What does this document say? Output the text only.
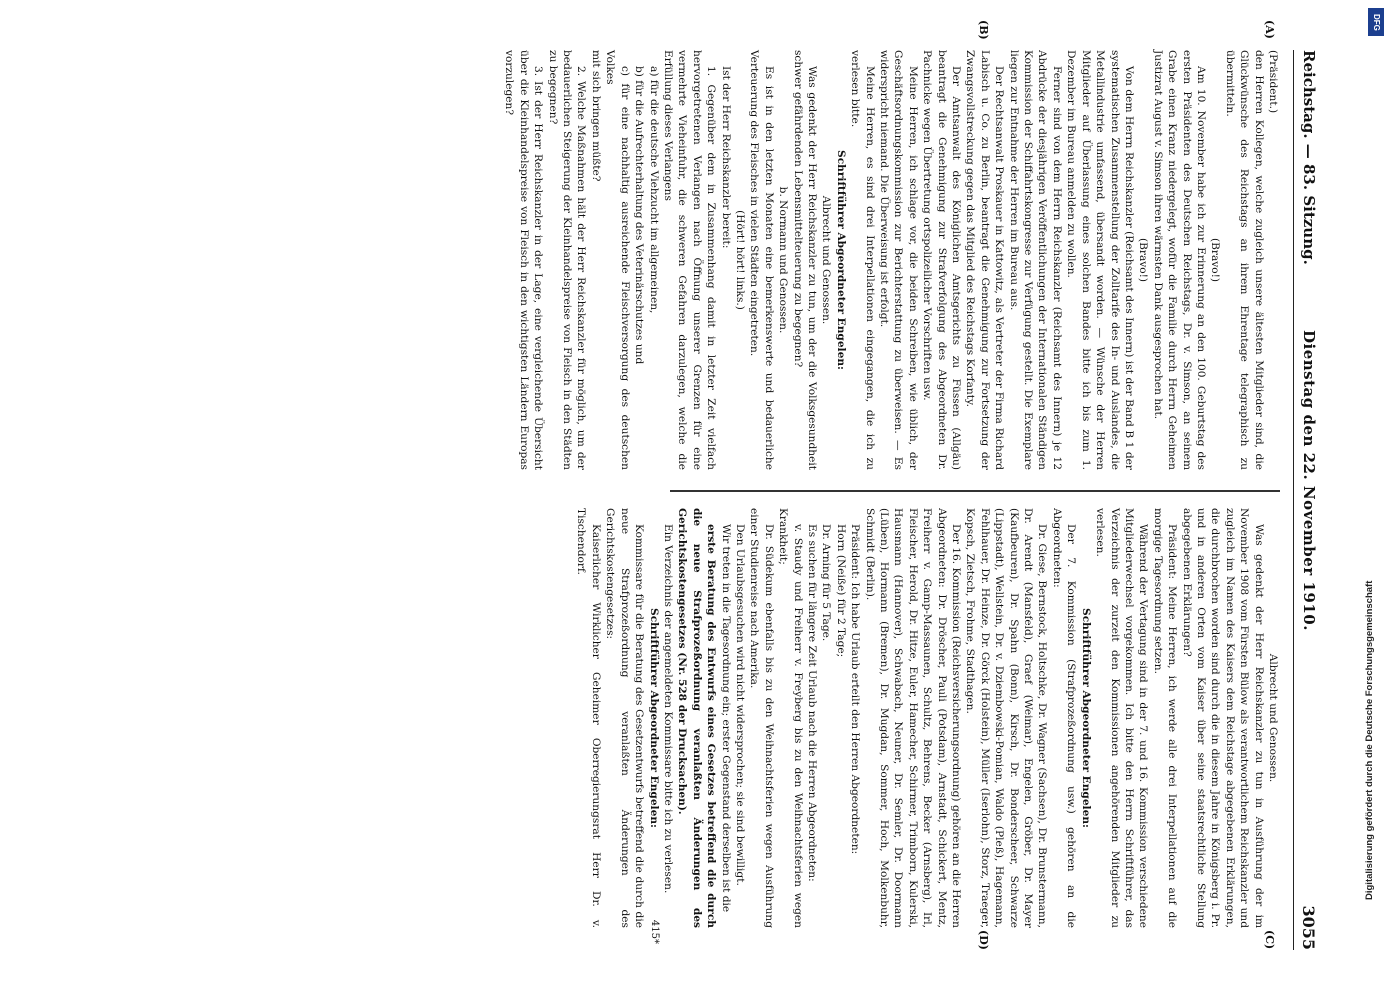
Reichstag. — 83. Sitzung.
Dienstag den 22. November 1910.
3055

(Präsident.)

den Herren Kollegen, welche zugleich unsere ältesten Mitglieder sind, die Glückwünsche des Reichstags an ihrem Ehrentage telegraphisch zu übermitteln.

(Bravo!)

Am 10. November habe ich zur Erinnerung an den 100. Geburtstag des ersten Präsidenten des Deutschen Reichstags, Dr. v. Simson, an seinem Grabe einen Kranz niedergelegt, wofür die Familie durch Herrn Geheimen Justizrat August v. Simson ihren wärmsten Dank ausgesprochen hat.

(Bravo!)

Von dem Herrn Reichskanzler (Reichsamt des Innern) ist der Band B 1 der systematischen Zusammenstellung der Zolltarife des In- und Auslandes, die Metallindustrie umfassend, übersandt worden. — Wünsche der Herren Mitglieder auf Überlassung eines solchen Bandes bitte ich bis zum 1. Dezember im Bureau anmelden zu wollen.

Ferner sind von dem Herrn Reichskanzler (Reichsamt des Innern) je 12 Abdrücke der diesjährigen Veröffentlichungen der Internationalen Ständigen Kommission der Schiffahrtskongresse zur Verfügung gestellt. Die Exemplare liegen zur Entnahme der Herren im Bureau aus.

Der Rechtsanwalt Proskauer in Kattowitz, als Vertreter der Firma Richard Labisch u. Co. zu Berlin, beantragt die Genehmigung zur Fortsetzung der Zwangsvollstreckung gegen das Mitglied des Reichstags Korfanty.

Der Amtsanwalt des Königlichen Amtsgerichts zu Füssen (Allgäu) beantragt die Genehmigung zur Strafverfolgung des Abgeordneten Dr. Pachnicke wegen Übertretung ortspolizeilicher Vorschriften usw.

Meine Herren, ich schlage vor, die beiden Schreiben, wie üblich, der Geschäftsordnungskommission zur Berichterstattung zu überweisen. — Es widerspricht niemand. Die Überweisung ist erfolgt.

Meine Herren, es sind drei Interpellationen eingegangen, die ich zu verlesen bitte.

Schriftführer Abgeordneter Engelen:

Albrecht und Genossen.

Was gedenkt der Herr Reichskanzler zu tun, um der die Volksgesundheit schwer gefährdenden Lebensmittelteuerung zu begegnen?

b. Normann und Genossen.

Es ist in den letzten Monaten eine bemerkenswerte und bedauerliche Verteuerung des Fleisches in vielen Städten eingetreten.

(Hört! hört! links.)

Ist der Herr Reichskanzler bereit:

1. Gegenüber dem in Zusammenhang damit in letzter Zeit vielfach hervorgetretenen Verlangen nach Öffnung unserer Grenzen für eine vermehrte Vieheinfuhr, die schweren Gefahren darzulegen, welche die Erfüllung dieses Verlangens

a) für die deutsche Viehzucht im allgemeinen,

b) für die Aufrechterhaltung des Veterinärschutzes und

c) für eine nachhaltig ausreichende Fleischversorgung des deutschen Volkes

mit sich bringen müßte?

2. Welche Maßnahmen hält der Herr Reichskanzler für möglich, um der bedauerlichen Steigerung der Kleinhandelspreise von Fleisch in den Städten zu begegnen?

3. Ist der Herr Reichskanzler in der Lage, eine vergleichende Übersicht über die Kleinhandelspreise von Fleisch in den wichtigsten Ländern Europas vorzulegen?

Albrecht und Genossen.

Was gedenkt der Herr Reichskanzler zu tun in Ausführung der im November 1908 vom Fürsten Bülow als verantwortlichem Reichskanzler und zugleich im Namen des Kaisers dem Reichstage abgegebenen Erklärungen, die durchbrochen worden sind durch die in diesem Jahre in Königsberg i. Pr. und in anderen Orten vom Kaiser über seine staatsrechtliche Stellung abgegebenen Erklärungen?

Präsident: Meine Herren, ich werde alle drei Interpellationen auf die morgige Tagesordnung setzen.

Während der Vertagung sind in der 7. und 16. Kommission verschiedene Mitgliederwechsel vorgekommen. Ich bitte den Herrn Schriftführer, das Verzeichnis der zurzeit den Kommissionen angehörenden Mitglieder zu verlesen.

Schriftführer Abgeordneter Engelen:

Der 7. Kommission (Strafprozeßordnung usw.) gehören an die Abgeordneten:

Dr. Giese, Bernstock, Holtschke, Dr. Wagner (Sachsen), Dr. Brunstermann, Dr. Arendt (Mansfeld), Graef (Weimar), Engelen, Gröber, Dr. Mayer (Kaufbeuren), Dr. Spahn (Bonn), Kirsch, Dr. Bonderscheer, Schwarze (Lippstadt), Wellstein, Dr. v. Dziembowski-Pomian, Waldo (Pleß), Hagemann, Fehlhauer, Dr. Heinze, Dr. Görck (Holstein), Müller (Iserlohn), Storz, Traeger, Kopsch, Zietsch, Frohme, Stadthagen.

Der 16. Kommission (Reichsversicherungsordnung) gehören an die Herren Abgeordneten: Dr. Dröscher, Pauli (Potsdam), Arnstadt, Schickert, Mentz, Freiherr v. Gamp-Massaunen, Schultz, Behrens, Becker (Arnsberg), Irl, Fleischer, Herold, Dr. Hitze, Euler, Hamecher, Schirmer, Trimborn, Kulerski, Hausmann (Hannover), Schwabach, Neuner, Dr. Semler, Dr. Doormann (Lüben), Hormann (Bremen), Dr. Mugdan, Sommer, Hoch, Molkenbuhr, Schmidt (Berlin).

Präsident: Ich habe Urlaub erteilt den Herren Abgeordneten:

Horn (Neiße) für 2 Tage;

Dr. Arning für 5 Tage.

Es suchen für längere Zeit Urlaub nach die Herren Abgeordneten:

v. Staudy und Freiherr v. Freyberg bis zu den Weihnachtsferien wegen Krankheit;

Dr. Südekum ebenfalls bis zu den Weihnachtsferien wegen Ausführung einer Studienreise nach Amerika.

Den Urlaubsgesuchen wird nicht widersprochen; sie sind bewilligt.

Wir treten in die Tagesordnung ein; erster Gegenstand derselben ist die

erste Beratung des Entwurfs eines Gesetzes betreffend die durch die neue Strafprozeßordnung veranlaßten Änderungen des Gerichtskostengesetzes (Nr. 528 der Drucksachen).

Ein Verzeichnis der angemeldeten Kommissare bitte ich zu verlesen.

Schriftführer Abgeordneter Engelen:

Kommissare für die Beratung des Gesetzentwurfs betreffend die durch die neue Strafprozeßordnung veranlaßten Änderungen des Gerichtskostengesetzes:

Kaiserlicher Wirklicher Geheimer Oberregierungsrat Herr Dr. v. Tischendorf.

(A)
(B)
(C)
(D)
415*
DFG
Digitalisierung gefördert durch die Deutsche Forschungsgemeinschaft
